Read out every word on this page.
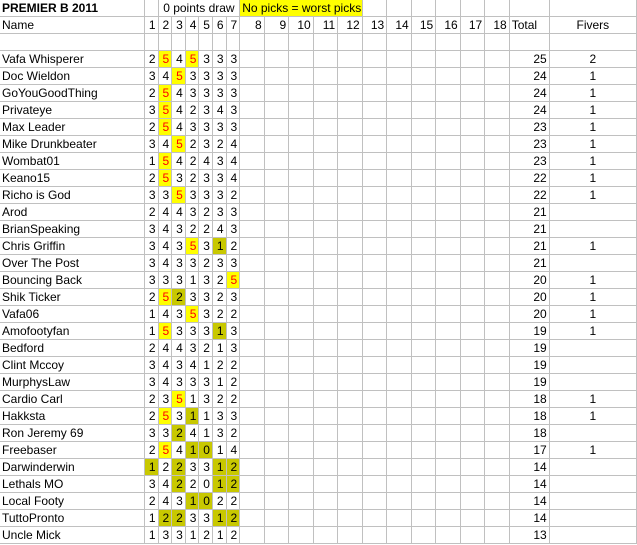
PREMIER B 2011	0 points draw No picks = worst picks
Name	1 2 3 4 5 6 7	8	9 10	11 12 13 14 15 16 17 18 Total	Fivers
Vafa Whisperer	2 5 4 5 3 3 3	25	2
Doc Wieldon	3 4 5 3 3 3 3	24	1
GoYouGoodThing	2 5 4 3 3 3 3	24	1
Privateye	3 5 4 2 3 4 3	24	1
Max Leader	2 5 4 3 3 3 3	23	1
Mike Drunkbeater	3 4 5 2 3 2 4	23	1
Wombat01	1 5 4 2 4 3 4	23	1
Keano15	2 5 3 2 3 3 4	22	1
Richo is God	3 3 5 3 3 3 2	22	1
Arod	2 4 4 3 2 3 3	21
BrianSpeaking	3 4 3 2 2 4 3	21
Chris Griffin	3 4 3 5 3 1 2	21	1
Over The Post	3 4 3 3 2 3 3	21
Bouncing Back	3 3 3 1 3 2 5	20	1
Shik Ticker	2 5 2 3 3 2 3	20	1
Vafa06	1 4 3 5 3 2 2	20	1
Amofootyfan	1 5 3 3 3 1 3	19	1
Bedford	2 4 4 3 2 1 3	19
Clint Mccoy	3 4 3 4 1 2 2	19
MurphysLaw	3 4 3 3 3 1 2	19
Cardio Carl	2 3 5 1 3 2 2	18	1
Hakksta	2 5 3 1 1 3 3	18	1
Ron Jeremy 69	3 3 2 4 1 3 2	18
Freebaser	2 5 4 1 0 1 4	17	1
Darwinderwin	1 2 2 3 3 1 2	14
Lethals MO	3 4 2 2 0 1 2	14
Local Footy	2 4 3 1 0 2 2	14
TuttoPronto	1 2 2 3 3 1 2	14
Uncle Mick	1 3 3 1 2 1 2	13
